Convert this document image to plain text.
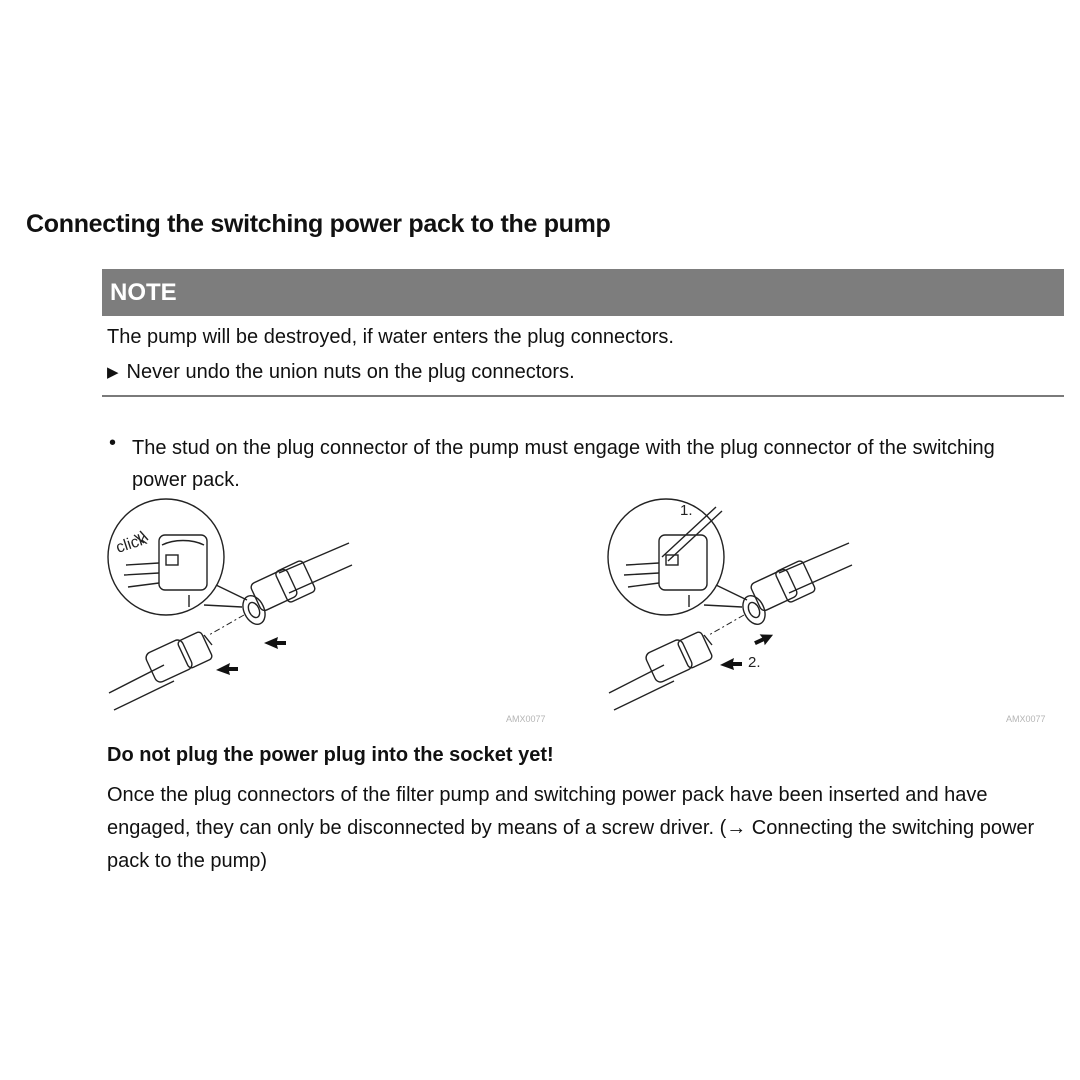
Connecting the switching power pack to the pump
NOTE
The pump will be destroyed, if water enters the plug connectors.
▶ Never undo the union nuts on the plug connectors.
• The stud on the plug connector of the pump must engage with the plug connector of the switching power pack.
click
AMX0077
1.
2.
AMX0077
Do not plug the power plug into the socket yet!
Once the plug connectors of the filter pump and switching power pack have been inserted and have engaged, they can only be disconnected by means of a screw driver. (→ Connecting the switching power pack to the pump)
